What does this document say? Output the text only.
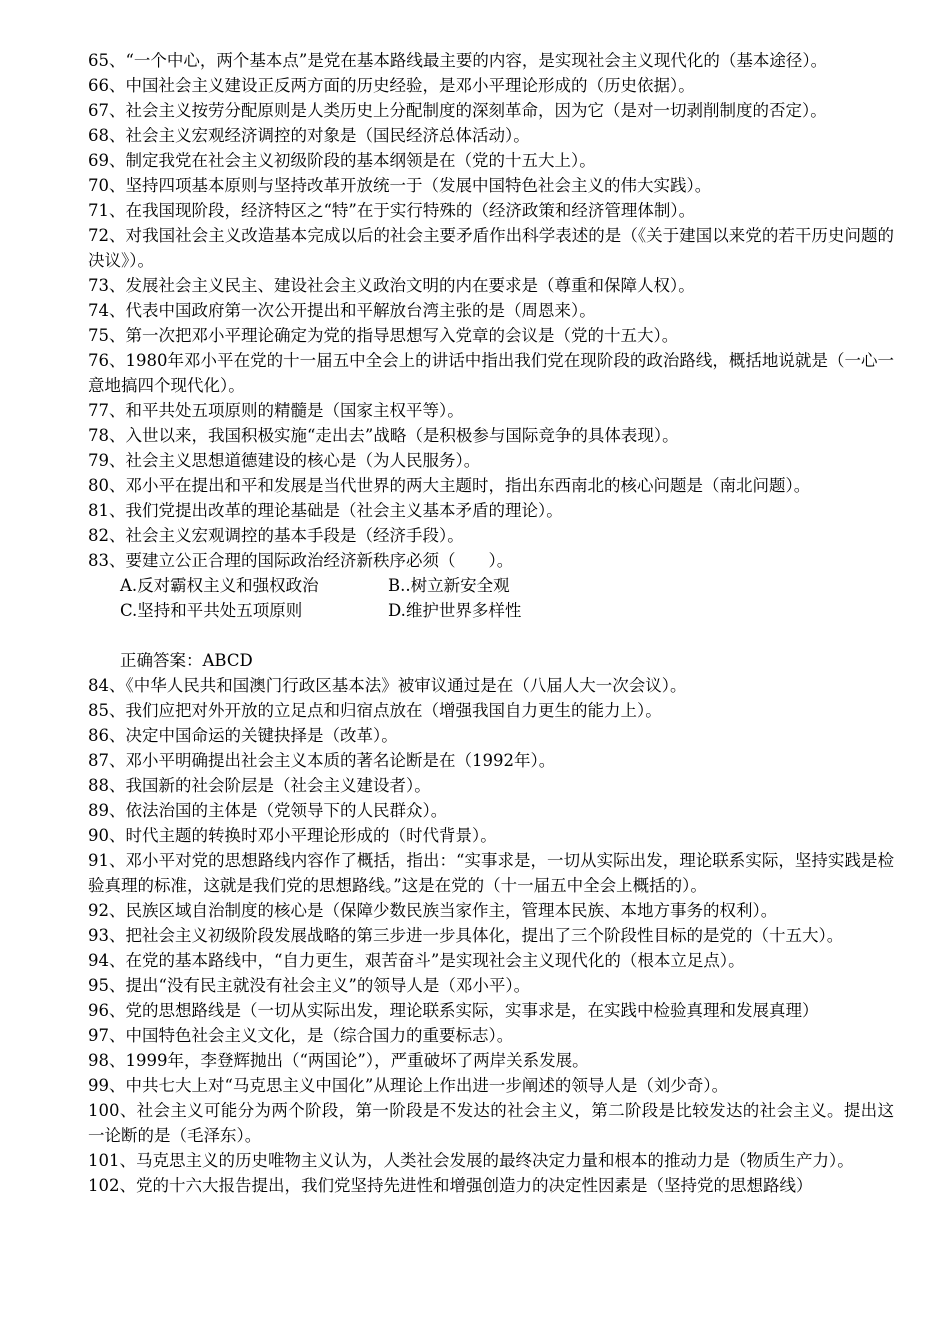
65、“一个中心，两个基本点”是党在基本路线最主要的内容，是实现社会主义现代化的（基本途径）。

66、中国社会主义建设正反两方面的历史经验，是邓小平理论形成的（历史依据）。

67、社会主义按劳分配原则是人类历史上分配制度的深刻革命，因为它（是对一切剥削制度的否定）。

68、社会主义宏观经济调控的对象是（国民经济总体活动）。

69、制定我党在社会主义初级阶段的基本纲领是在（党的十五大上）。

70、坚持四项基本原则与坚持改革开放统一于（发展中国特色社会主义的伟大实践）。

71、在我国现阶段，经济特区之“特”在于实行特殊的（经济政策和经济管理体制）。

72、对我国社会主义改造基本完成以后的社会主要矛盾作出科学表述的是（《关于建国以来党的若干历史问题的决议》）。

73、发展社会主义民主、建设社会主义政治文明的内在要求是（尊重和保障人权）。

74、代表中国政府第一次公开提出和平解放台湾主张的是（周恩来）。

75、第一次把邓小平理论确定为党的指导思想写入党章的会议是（党的十五大）。

76、1980年邓小平在党的十一届五中全会上的讲话中指出我们党在现阶段的政治路线，概括地说就是（一心一意地搞四个现代化）。

77、和平共处五项原则的精髓是（国家主权平等）。

78、入世以来，我国积极实施“走出去”战略（是积极参与国际竞争的具体表现）。

79、社会主义思想道德建设的核心是（为人民服务）。

80、邓小平在提出和平和发展是当代世界的两大主题时，指出东西南北的核心问题是（南北问题）。

81、我们党提出改革的理论基础是（社会主义基本矛盾的理论）。

82、社会主义宏观调控的基本手段是（经济手段）。

83、要建立公正合理的国际政治经济新秩序必须（　　）。

A.反对霸权主义和强权政治	B..树立新安全观
C.坚持和平共处五项原则	D.维护世界多样性

正确答案：ABCD

84、《中华人民共和国澳门行政区基本法》被审议通过是在（八届人大一次会议）。

85、我们应把对外开放的立足点和归宿点放在（增强我国自力更生的能力上）。

86、决定中国命运的关键抉择是（改革）。

87、邓小平明确提出社会主义本质的著名论断是在（1992年）。

88、我国新的社会阶层是（社会主义建设者）。

89、依法治国的主体是（党领导下的人民群众）。

90、时代主题的转换时邓小平理论形成的（时代背景）。

91、邓小平对党的思想路线内容作了概括，指出：“实事求是，一切从实际出发，理论联系实际，坚持实践是检验真理的标准，这就是我们党的思想路线。”这是在党的（十一届五中全会上概括的）。

92、民族区域自治制度的核心是（保障少数民族当家作主，管理本民族、本地方事务的权利）。

93、把社会主义初级阶段发展战略的第三步进一步具体化，提出了三个阶段性目标的是党的（十五大）。

94、在党的基本路线中，“自力更生，艰苦奋斗”是实现社会主义现代化的（根本立足点）。

95、提出“没有民主就没有社会主义”的领导人是（邓小平）。

96、党的思想路线是（一切从实际出发，理论联系实际，实事求是，在实践中检验真理和发展真理）

97、中国特色社会主义文化，是（综合国力的重要标志）。

98、1999年，李登辉抛出（“两国论”），严重破坏了两岸关系发展。

99、中共七大上对“马克思主义中国化”从理论上作出进一步阐述的领导人是（刘少奇）。

100、社会主义可能分为两个阶段，第一阶段是不发达的社会主义，第二阶段是比较发达的社会主义。提出这一论断的是（毛泽东）。

101、马克思主义的历史唯物主义认为，人类社会发展的最终决定力量和根本的推动力是（物质生产力）。

102、党的十六大报告提出，我们党坚持先进性和增强创造力的决定性因素是（坚持党的思想路线）
